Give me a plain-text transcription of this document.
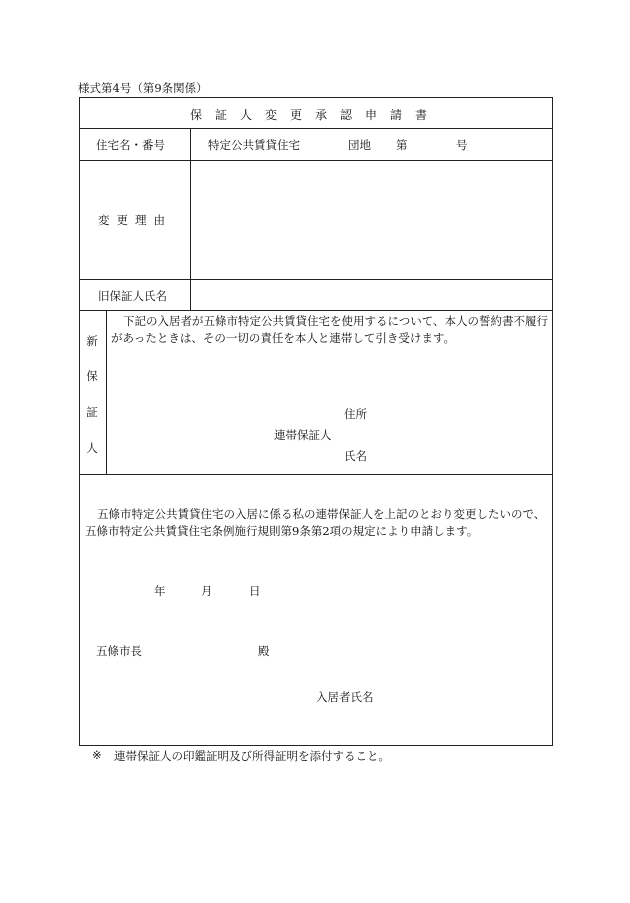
様式第4号（第9条関係）
保証人変更承認申請書
住宅名・番号	特定公共賃貸住宅	団地 第	号
変更理由
旧保証人氏名
新
保
証
人
下記の入居者が五條市特定公共賃貸住宅を使用するについて、本人の誓約書不履行があったときは、その一切の責任を本人と連帯して引き受けます。
住所
連帯保証人
氏名
五條市特定公共賃貸住宅の入居に係る私の連帯保証人を上記のとおり変更したいので、五條市特定公共賃貸住宅条例施行規則第9条第2項の規定により申請します。
年	月	日
五條市長	殿
入居者氏名
※ 連帯保証人の印鑑証明及び所得証明を添付すること。
